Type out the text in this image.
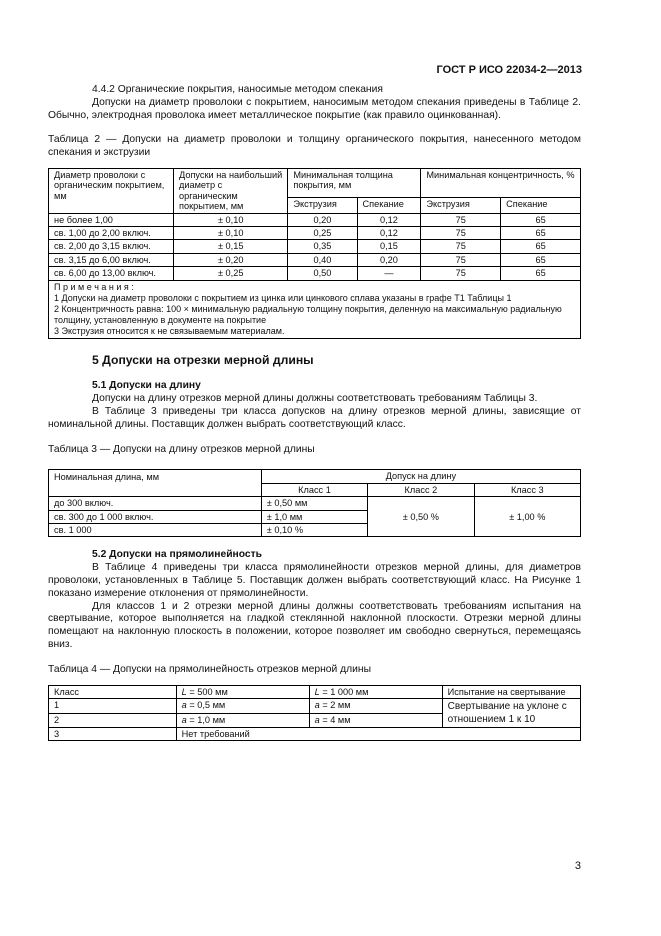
ГОСТ Р ИСО 22034-2—2013

4.4.2 Органические покрытия, наносимые методом спекания

Допуски на диаметр проволоки с покрытием, наносимым методом спекания приведены в Таблице 2. Обычно, электродная проволока имеет металлическое покрытие (как правило оцинкованная).

Таблица 2 — Допуски на диаметр проволоки и толщину органического покрытия, нанесенного методом спекания и экструзии

Диаметр проволоки с органическим покрытием, мм	Допуски на наибольший диаметр с органическим покрытием, мм	Минимальная толщина покрытия, мм		Минимальная концентричность, %	
		Экструзия	Спекание	Экструзия	Спекание
не более 1,00	± 0,10	0,20	0,12	75	65
св. 1,00 до 2,00 включ.	± 0,10	0,25	0,12	75	65
св. 2,00 до 3,15 включ.	± 0,15	0,35	0,15	75	65
св. 3,15 до 6,00 включ.	± 0,20	0,40	0,20	75	65
св. 6,00 до 13,00 включ.	± 0,25	0,50	—	75	65

П р и м е ч а н и я :
1 Допуски на диаметр проволоки с покрытием из цинка или цинкового сплава указаны в графе Т1 Таблицы 1
2 Концентричность равна: 100 × минимальную радиальную толщину покрытия, деленную на максимальную радиальную толщину, установленную в документе на покрытие
3 Экструзия относится к не связываемым материалам.					
5 Допуски на отрезки мерной длины
5.1 Допуски на длину

Допуски на длину отрезков мерной длины должны соответствовать требованиям Таблицы 3.

В Таблице 3 приведены три класса допусков на длину отрезков мерной длины, зависящие от номинальной длины. Поставщик должен выбрать соответствующий класс.

Таблица 3 — Допуски на длину отрезков мерной длины

Номинальная длина, мм	Допуск на длину		
	Класс 1	Класс 2	Класс 3
до 300 включ.	± 0,50 мм	± 0,50 %	± 1,00 %
св. 300 до 1 000 включ.	± 1,0 мм		
св. 1 000	± 0,10 %		
5.2 Допуски на прямолинейность

В Таблице 4 приведены три класса прямолинейности отрезков мерной длины, для диаметров проволоки, установленных в Таблице 5. Поставщик должен выбрать соответствующий класс. На Рисунке 1 показано измерение отклонения от прямолинейности.

Для классов 1 и 2 отрезки мерной длины должны соответствовать требованиям испытания на свертывание, которое выполняется на гладкой стеклянной наклонной плоскости. Отрезки мерной длины помещают на наклонную плоскость в положении, которое позволяет им свободно свернуться, перемещаясь вниз.

Таблица 4 — Допуски на прямолинейность отрезков мерной длины

Класс	L = 500 мм	L = 1 000 мм	Испытание на свертывание
1	a = 0,5 мм	a = 2 мм	Свертывание на уклоне с отношением 1 к 10
2	a = 1,0 мм	a = 4 мм	
3	Нет требований		
3
